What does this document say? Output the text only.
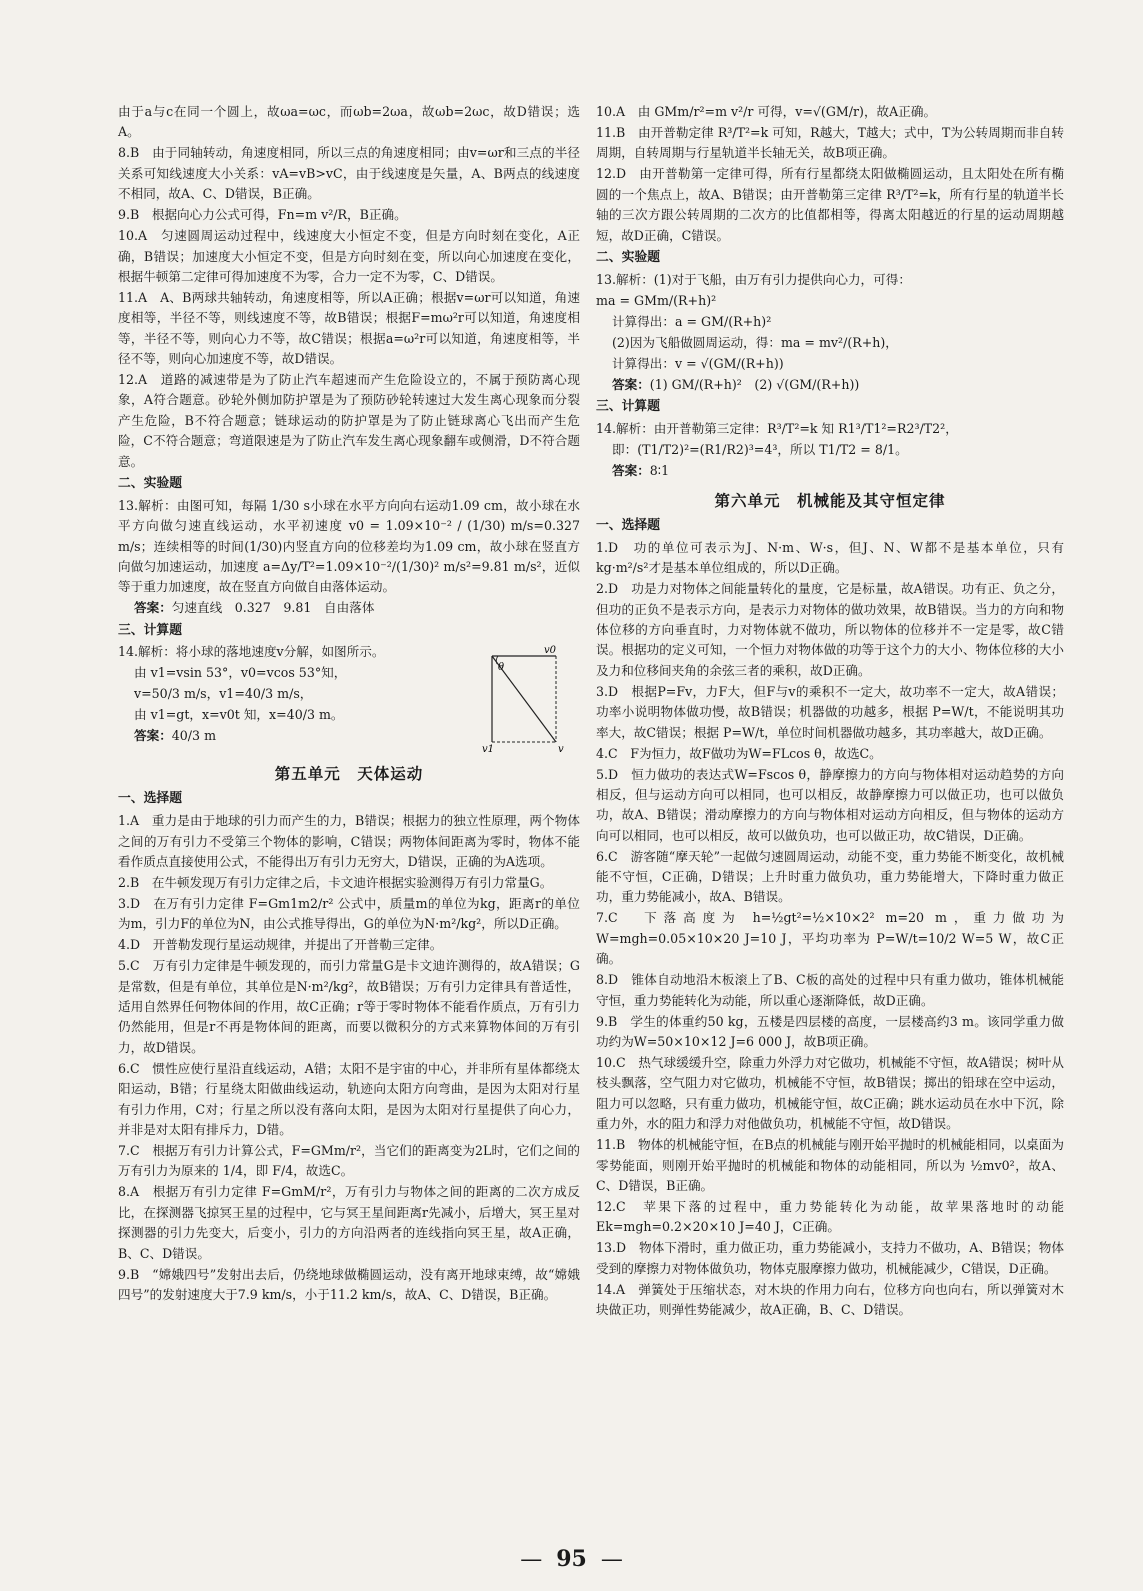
由于a与c在同一个圆上，故ωa=ωc，而ωb=2ωa，故ωb=2ωc，故D错误；选A。

8.B　由于同轴转动，角速度相同，所以三点的角速度相同；由v=ωr和三点的半径关系可知线速度大小关系：vA=vB>vC，由于线速度是矢量，A、B两点的线速度不相同，故A、C、D错误，B正确。

9.B　根据向心力公式可得，Fn=m v²/R，B正确。

10.A　匀速圆周运动过程中，线速度大小恒定不变，但是方向时刻在变化，A正确，B错误；加速度大小恒定不变，但是方向时刻在变，所以向心加速度在变化，根据牛顿第二定律可得加速度不为零，合力一定不为零，C、D错误。

11.A　A、B两球共轴转动，角速度相等，所以A正确；根据v=ωr可以知道，角速度相等，半径不等，则线速度不等，故B错误；根据F=mω²r可以知道，角速度相等，半径不等，则向心力不等，故C错误；根据a=ω²r可以知道，角速度相等，半径不等，则向心加速度不等，故D错误。

12.A　道路的减速带是为了防止汽车超速而产生危险设立的，不属于预防离心现象，A符合题意。砂轮外侧加防护罩是为了预防砂轮转速过大发生离心现象而分裂产生危险，B不符合题意；链球运动的防护罩是为了防止链球离心飞出而产生危险，C不符合题意；弯道限速是为了防止汽车发生离心现象翻车或侧滑，D不符合题意。

二、实验题

13.解析：由图可知，每隔 1/30 s小球在水平方向向右运动1.09 cm，故小球在水平方向做匀速直线运动，水平初速度 v0 = 1.09×10⁻² / (1/30) m/s=0.327 m/s；连续相等的时间(1/30)内竖直方向的位移差均为1.09 cm，故小球在竖直方向做匀加速运动，加速度 a=Δy/T²=1.09×10⁻²/(1/30)² m/s²=9.81 m/s²，近似等于重力加速度，故在竖直方向做自由落体运动。

答案：匀速直线　0.327　9.81　自由落体

三、计算题
θ
v0
v1	v

14.解析：将小球的落地速度v分解，如图所示。

由 v1=vsin 53°，v0=vcos 53°知，

v=50/3 m/s，v1=40/3 m/s，

由 v1=gt，x=v0t 知，x=40/3 m。

答案：40/3 m

第五单元　天体运动
一、选择题

1.A　重力是由于地球的引力而产生的力，B错误；根据力的独立性原理，两个物体之间的万有引力不受第三个物体的影响，C错误；两物体间距离为零时，物体不能看作质点直接使用公式，不能得出万有引力无穷大，D错误，正确的为A选项。

2.B　在牛顿发现万有引力定律之后，卡文迪许根据实验测得万有引力常量G。

3.D　在万有引力定律 F=Gm1m2/r² 公式中，质量m的单位为kg，距离r的单位为m，引力F的单位为N，由公式推导得出，G的单位为N·m²/kg²，所以D正确。

4.D　开普勒发现行星运动规律，并提出了开普勒三定律。

5.C　万有引力定律是牛顿发现的，而引力常量G是卡文迪许测得的，故A错误；G是常数，但是有单位，其单位是N·m²/kg²，故B错误；万有引力定律具有普适性，适用自然界任何物体间的作用，故C正确；r等于零时物体不能看作质点，万有引力仍然能用，但是r不再是物体间的距离，而要以微积分的方式来算物体间的万有引力，故D错误。

6.C　惯性应使行星沿直线运动，A错；太阳不是宇宙的中心，并非所有星体都绕太阳运动，B错；行星绕太阳做曲线运动，轨迹向太阳方向弯曲，是因为太阳对行星有引力作用，C对；行星之所以没有落向太阳，是因为太阳对行星提供了向心力，并非是对太阳有排斥力，D错。

7.C　根据万有引力计算公式，F=GMm/r²，当它们的距离变为2L时，它们之间的万有引力为原来的 1/4，即 F/4，故选C。

8.A　根据万有引力定律 F=GmM/r²，万有引力与物体之间的距离的二次方成反比，在探测器飞掠冥王星的过程中，它与冥王星间距离r先减小，后增大，冥王星对探测器的引力先变大，后变小，引力的方向沿两者的连线指向冥王星，故A正确，B、C、D错误。

9.B　“嫦娥四号”发射出去后，仍绕地球做椭圆运动，没有离开地球束缚，故“嫦娥四号”的发射速度大于7.9 km/s，小于11.2 km/s，故A、C、D错误，B正确。

10.A　由 GMm/r²=m v²/r 可得，v=√(GM/r)，故A正确。

11.B　由开普勒定律 R³/T²=k 可知，R越大，T越大；式中，T为公转周期而非自转周期，自转周期与行星轨道半长轴无关，故B项正确。

12.D　由开普勒第一定律可得，所有行星都绕太阳做椭圆运动，且太阳处在所有椭圆的一个焦点上，故A、B错误；由开普勒第三定律 R³/T²=k，所有行星的轨道半长轴的三次方跟公转周期的二次方的比值都相等，得离太阳越近的行星的运动周期越短，故D正确，C错误。

二、实验题

13.解析：(1)对于飞船，由万有引力提供向心力，可得：

ma = GMm/(R+h)²

计算得出：a = GM/(R+h)²

(2)因为飞船做圆周运动，得：ma = mv²/(R+h)，

计算得出：v = √(GM/(R+h))

答案：(1) GM/(R+h)²　(2) √(GM/(R+h))

三、计算题

14.解析：由开普勒第三定律：R³/T²=k 知 R1³/T1²=R2³/T2²，

即：(T1/T2)²=(R1/R2)³=4³，所以 T1/T2 = 8/1。

答案：8∶1

第六单元　机械能及其守恒定律
一、选择题

1.D　功的单位可表示为J、N·m、W·s，但J、N、W都不是基本单位，只有kg·m²/s²才是基本单位组成的，所以D正确。

2.D　功是力对物体之间能量转化的量度，它是标量，故A错误。功有正、负之分，但功的正负不是表示方向，是表示力对物体的做功效果，故B错误。当力的方向和物体位移的方向垂直时，力对物体就不做功，所以物体的位移并不一定是零，故C错误。根据功的定义可知，一个恒力对物体做的功等于这个力的大小、物体位移的大小及力和位移间夹角的余弦三者的乘积，故D正确。

3.D　根据P=Fv，力F大，但F与v的乘积不一定大，故功率不一定大，故A错误；功率小说明物体做功慢，故B错误；机器做的功越多，根据 P=W/t，不能说明其功率大，故C错误；根据 P=W/t，单位时间机器做功越多，其功率越大，故D正确。

4.C　F为恒力，故F做功为W=FLcos θ，故选C。

5.D　恒力做功的表达式W=Fscos θ，静摩擦力的方向与物体相对运动趋势的方向相反，但与运动方向可以相同，也可以相反，故静摩擦力可以做正功，也可以做负功，故A、B错误；滑动摩擦力的方向与物体相对运动方向相反，但与物体的运动方向可以相同，也可以相反，故可以做负功，也可以做正功，故C错误，D正确。

6.C　游客随“摩天轮”一起做匀速圆周运动，动能不变，重力势能不断变化，故机械能不守恒，C正确，D错误；上升时重力做负功，重力势能增大，下降时重力做正功，重力势能减小，故A、B错误。

7.C　下落高度为 h=½gt²=½×10×2² m=20 m，重力做功为 W=mgh=0.05×10×20 J=10 J，平均功率为 P=W/t=10/2 W=5 W，故C正确。

8.D　锥体自动地沿木板滚上了B、C板的高处的过程中只有重力做功，锥体机械能守恒，重力势能转化为动能，所以重心逐渐降低，故D正确。

9.B　学生的体重约50 kg，五楼是四层楼的高度，一层楼高约3 m。该同学重力做功约为W=50×10×12 J=6 000 J，故B项正确。

10.C　热气球缓缓升空，除重力外浮力对它做功，机械能不守恒，故A错误；树叶从枝头飘落，空气阻力对它做功，机械能不守恒，故B错误；掷出的铅球在空中运动，阻力可以忽略，只有重力做功，机械能守恒，故C正确；跳水运动员在水中下沉，除重力外，水的阻力和浮力对他做负功，机械能不守恒，故D错误。

11.B　物体的机械能守恒，在B点的机械能与刚开始平抛时的机械能相同，以桌面为零势能面，则刚开始平抛时的机械能和物体的动能相同，所以为 ½mv0²，故A、C、D错误，B正确。

12.C　苹果下落的过程中，重力势能转化为动能，故苹果落地时的动能 Ek=mgh=0.2×20×10 J=40 J，C正确。

13.D　物体下滑时，重力做正功，重力势能减小，支持力不做功，A、B错误；物体受到的摩擦力对物体做负功，物体克服摩擦力做功，机械能减少，C错误，D正确。

14.A　弹簧处于压缩状态，对木块的作用力向右，位移方向也向右，所以弹簧对木块做正功，则弹性势能减少，故A正确，B、C、D错误。

— 95 —
